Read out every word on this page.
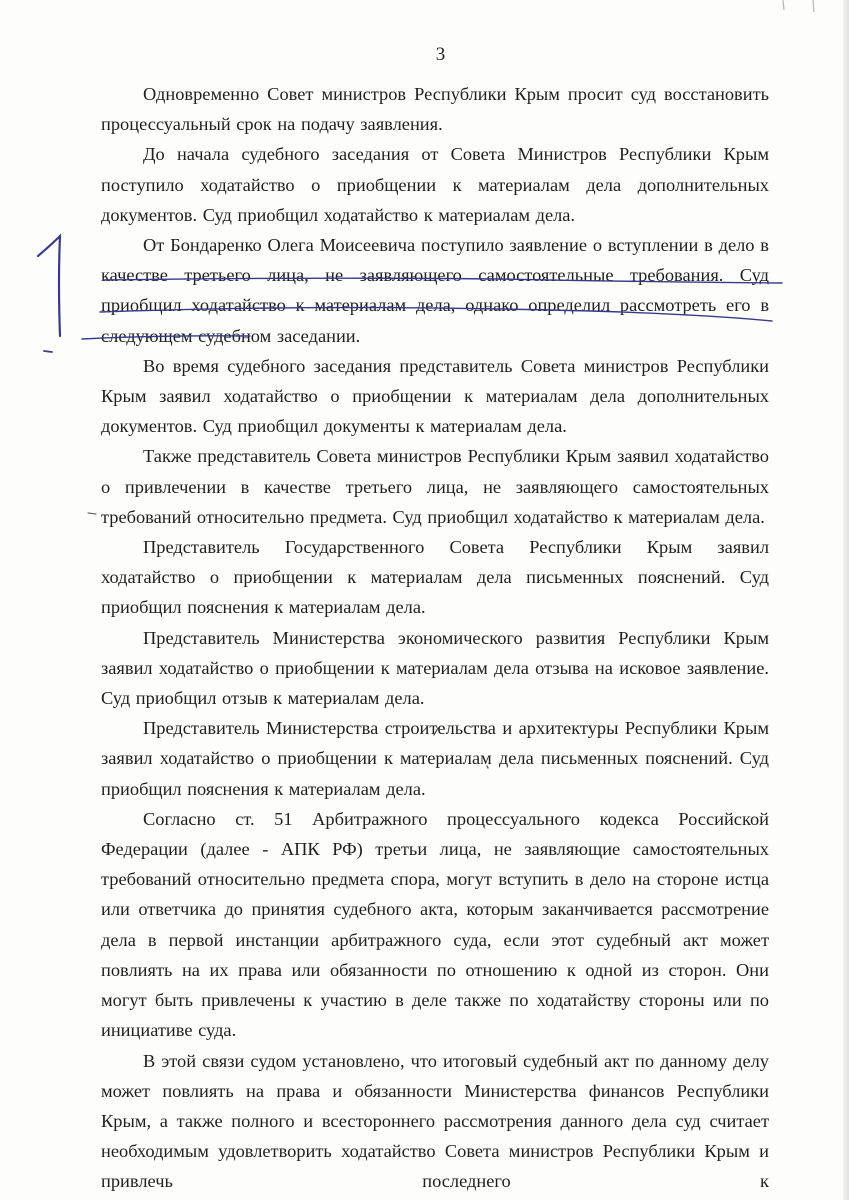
3

Одновременно Совет министров Республики Крым просит суд восстановить процессуальный срок на подачу заявления.

До начала судебного заседания от Совета Министров Республики Крым поступило ходатайство о приобщении к материалам дела дополнительных документов. Суд приобщил ходатайство к материалам дела.

От Бондаренко Олега Моисеевича поступило заявление о вступлении в дело в качестве третьего лица, не заявляющего самостоятельные требования. Суд приобщил ходатайство к материалам дела, однако определил рассмотреть его в следующем судебном заседании.

Во время судебного заседания представитель Совета министров Республики Крым заявил ходатайство о приобщении к материалам дела дополнительных документов. Суд приобщил документы к материалам дела.

Также представитель Совета министров Республики Крым заявил ходатайство о привлечении в качестве третьего лица, не заявляющего самостоятельных требований относительно предмета. Суд приобщил ходатайство к материалам дела.

Представитель Государственного Совета Республики Крым заявил ходатайство о приобщении к материалам дела письменных пояснений. Суд приобщил пояснения к материалам дела.

Представитель Министерства экономического развития Республики Крым заявил ходатайство о приобщении к материалам дела отзыва на исковое заявление. Суд приобщил отзыв к материалам дела.

Представитель Министерства строительства и архитектуры Республики Крым заявил ходатайство о приобщении к материалам дела письменных пояснений. Суд приобщил пояснения к материалам дела.

Согласно ст. 51 Арбитражного процессуального кодекса Российской Федерации (далее - АПК РФ) третьи лица, не заявляющие самостоятельных требований относительно предмета спора, могут вступить в дело на стороне истца или ответчика до принятия судебного акта, которым заканчивается рассмотрение дела в первой инстанции арбитражного суда, если этот судебный акт может повлиять на их права или обязанности по отношению к одной из сторон. Они могут быть привлечены к участию в деле также по ходатайству стороны или по инициативе суда.

В этой связи судом установлено, что итоговый судебный акт по данному делу может повлиять на права и обязанности Министерства финансов Республики Крым, а также полного и всестороннего рассмотрения данного дела суд считает необходимым удовлетворить ходатайство Совета министров Республики Крым и привлечь последнего к
